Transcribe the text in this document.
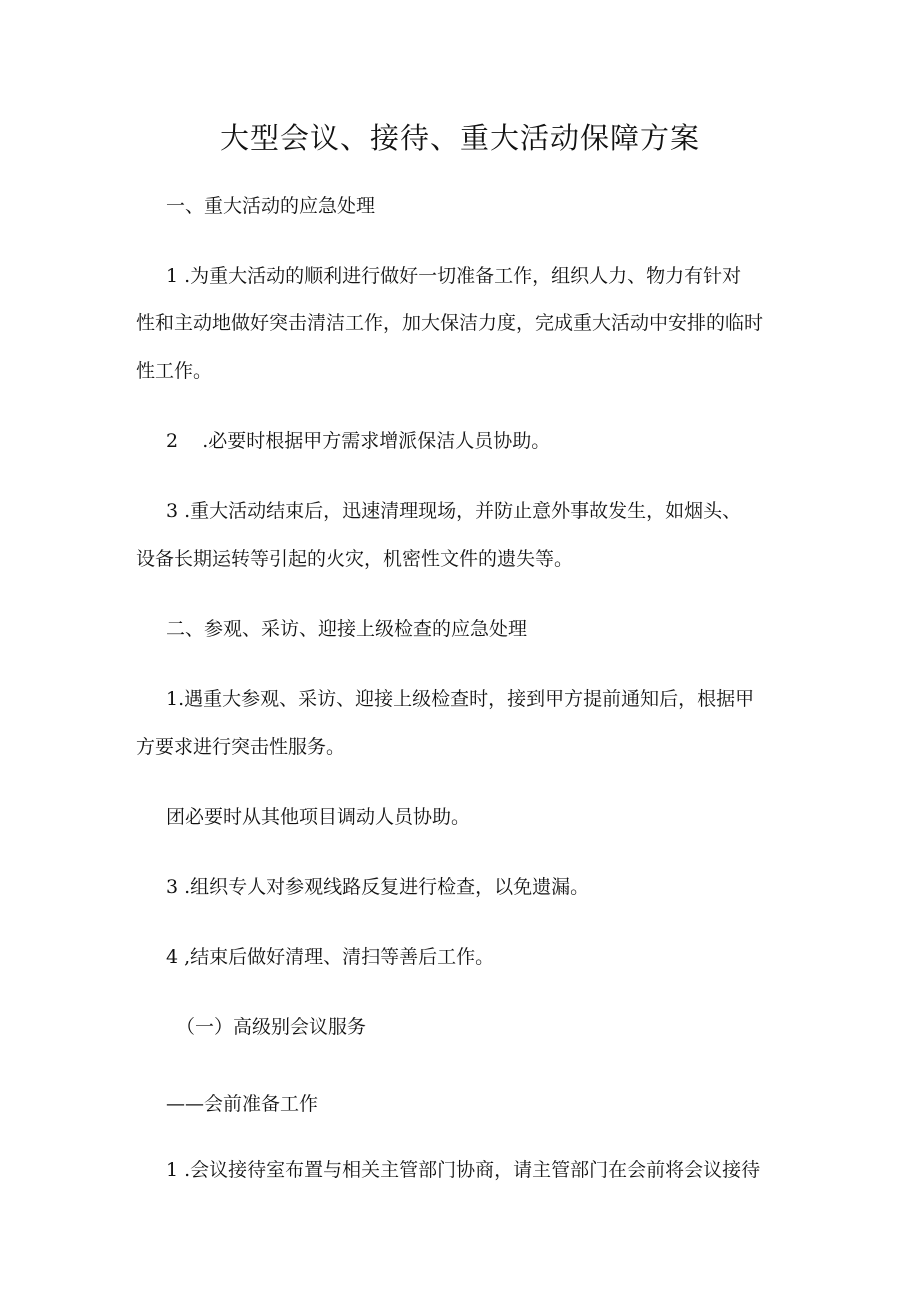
大型会议、接待、重大活动保障方案

一、重大活动的应急处理

1 .为重大活动的顺利进行做好一切准备工作，组织人力、物力有针对

性和主动地做好突击清洁工作，加大保洁力度，完成重大活动中安排的临时

性工作。

2    .必要时根据甲方需求增派保洁人员协助。

3 .重大活动结束后，迅速清理现场，并防止意外事故发生，如烟头、

设备长期运转等引起的火灾，机密性文件的遗失等。

二、参观、采访、迎接上级检查的应急处理

1.遇重大参观、采访、迎接上级检查时，接到甲方提前通知后，根据甲

方要求进行突击性服务。

团必要时从其他项目调动人员协助。

3 .组织专人对参观线路反复进行检查，以免遗漏。

4 ,结束后做好清理、清扫等善后工作。

（一）高级别会议服务

——会前准备工作

1 .会议接待室布置与相关主管部门协商，请主管部门在会前将会议接待
